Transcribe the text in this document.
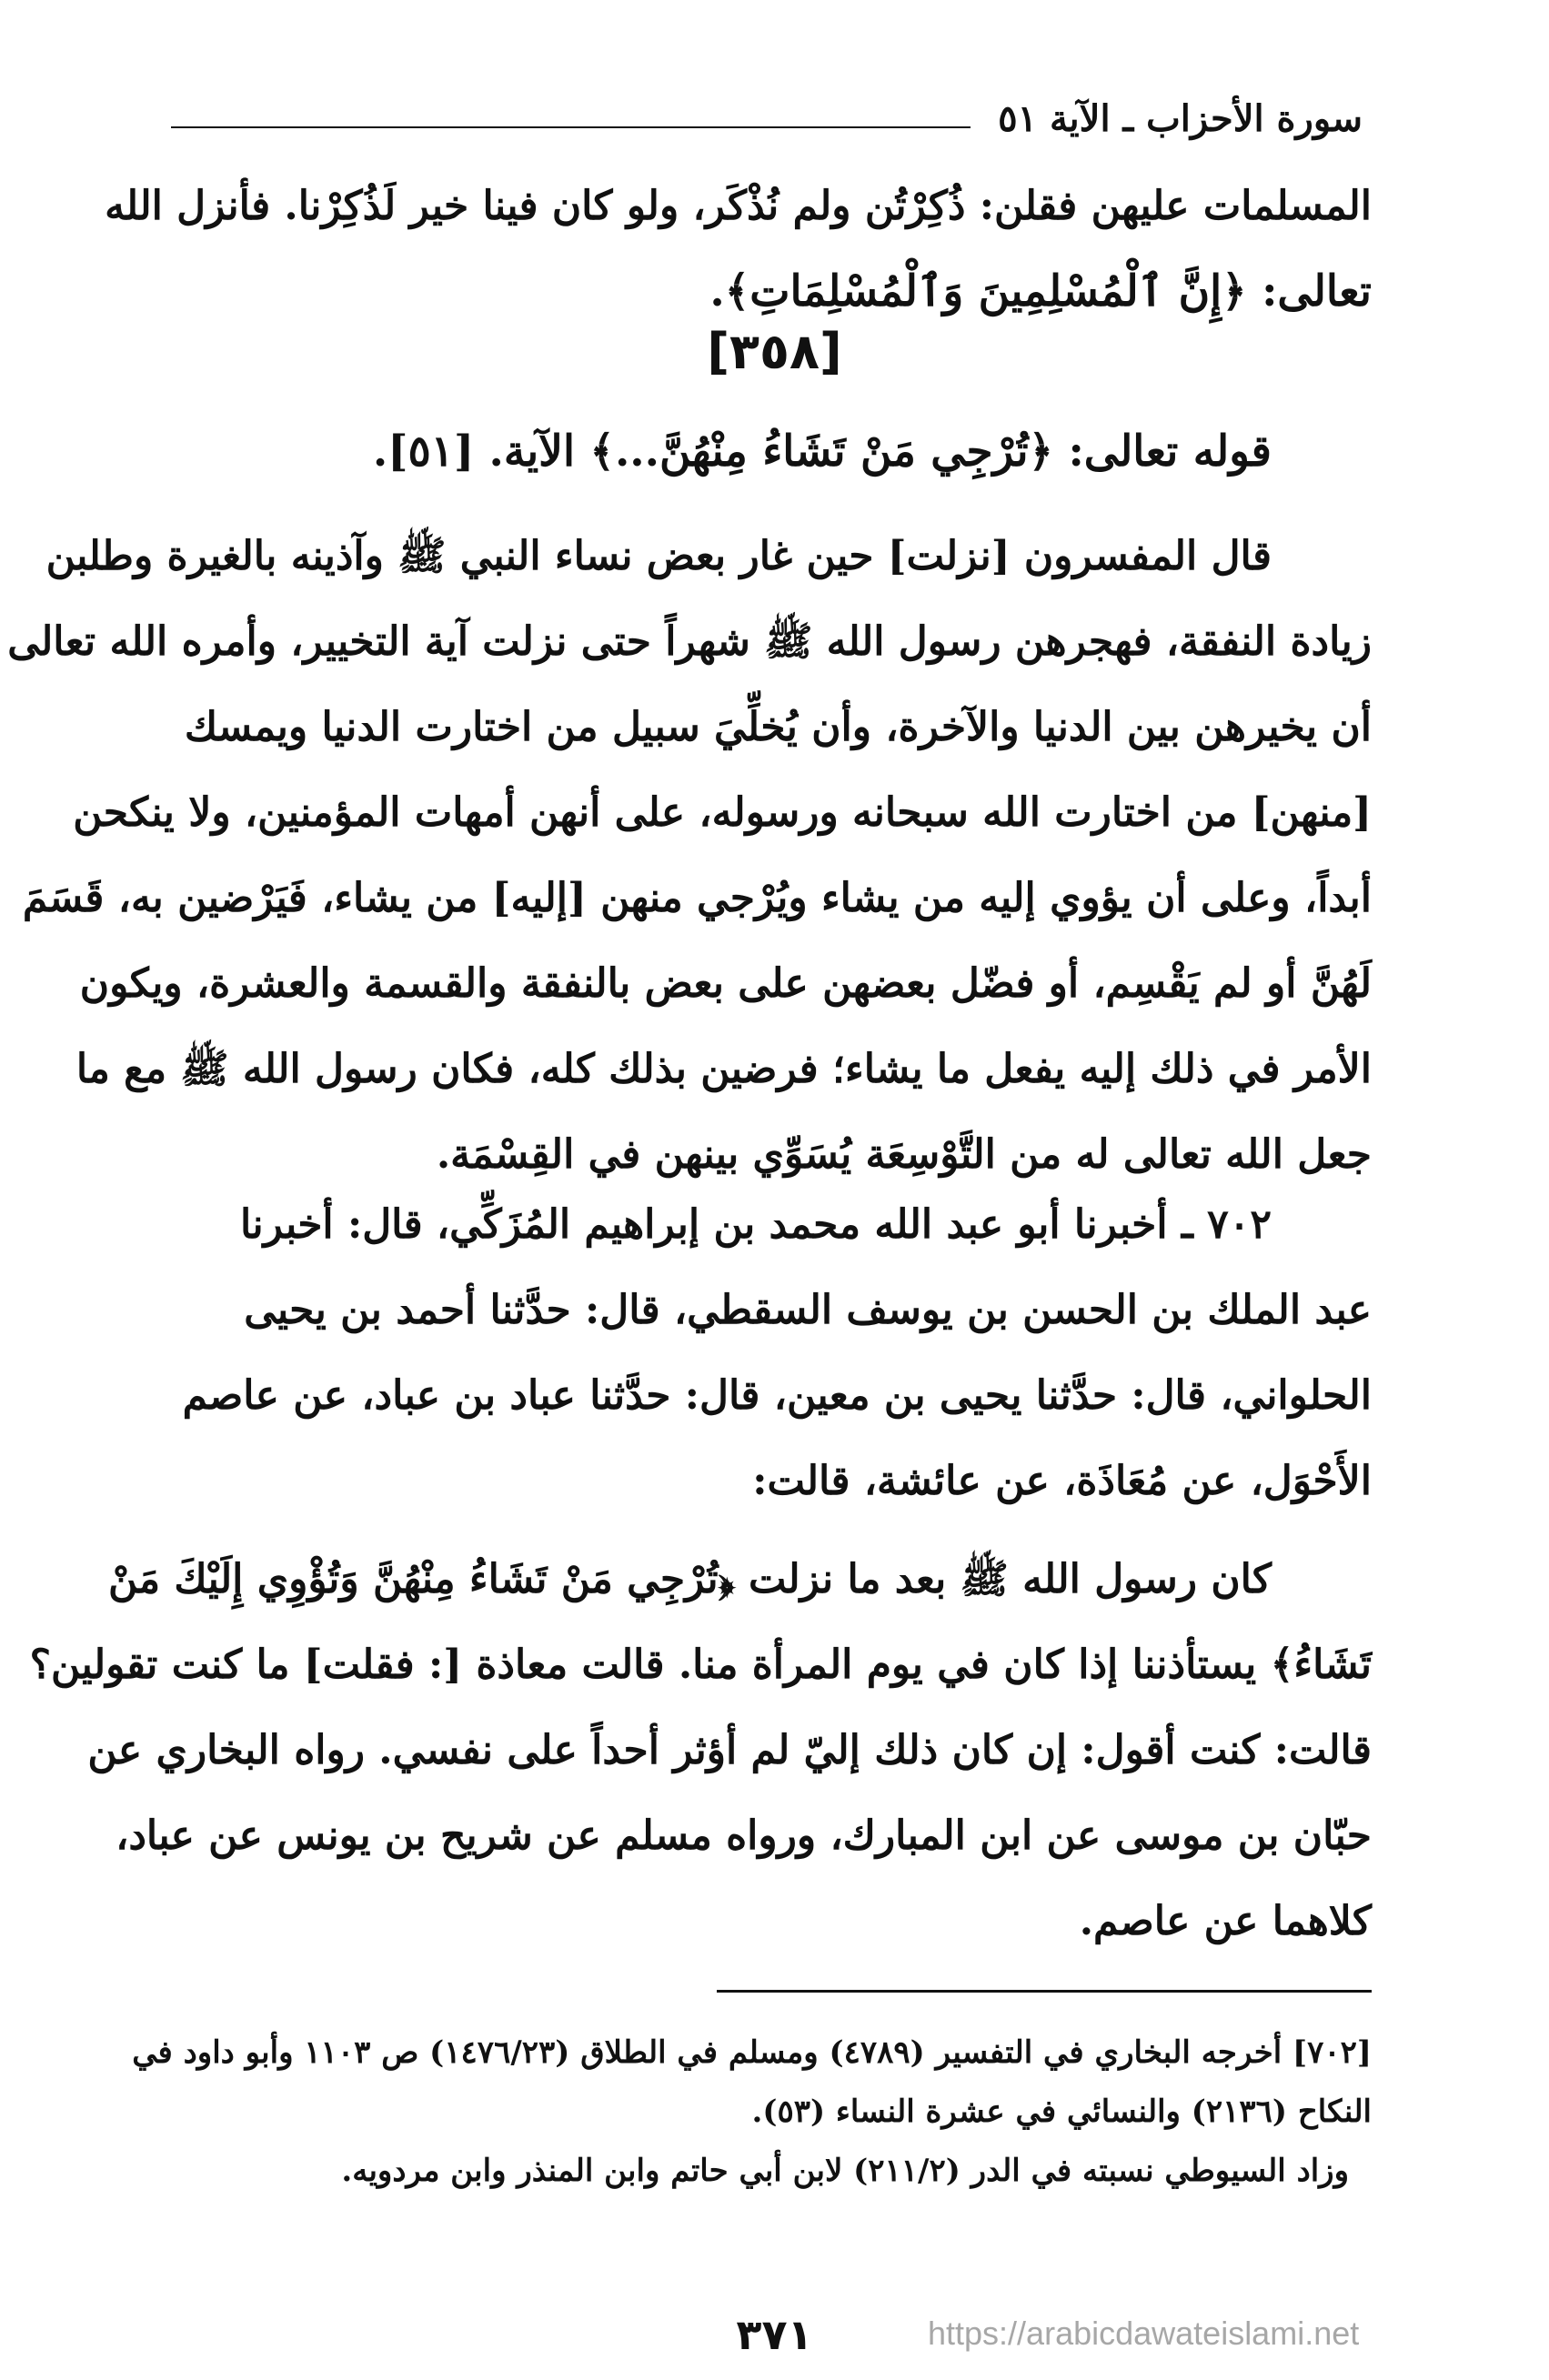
سورة الأحزاب ـ الآية ٥١
المسلمات عليهن فقلن: ذُكِرْتُن ولم نُذْكَر، ولو كان فينا خير لَذُكِرْنا. فأنزل الله
تعالى: ﴿إِنَّ ٱلْمُسْلِمِينَ وَٱلْمُسْلِمَاتِ﴾.
[٣٥٨]
قوله تعالى: ﴿تُرْجِي مَنْ تَشَاءُ مِنْهُنَّ...﴾ الآية. [٥١].
قال المفسرون [نزلت] حين غار بعض نساء النبي ﷺ وآذينه بالغيرة وطلبن
زيادة النفقة، فهجرهن رسول الله ﷺ شهراً حتى نزلت آية التخيير، وأمره الله تعالى
أن يخيرهن بين الدنيا والآخرة، وأن يُخلِّيَ سبيل من اختارت الدنيا ويمسك
[منهن] من اختارت الله سبحانه ورسوله، على أنهن أمهات المؤمنين، ولا ينكحن
أبداً، وعلى أن يؤوي إليه من يشاء ويُرْجي منهن [إليه] من يشاء، فَيَرْضين به، قَسَمَ
لَهُنَّ أو لم يَقْسِم، أو فضّل بعضهن على بعض بالنفقة والقسمة والعشرة، ويكون
الأمر في ذلك إليه يفعل ما يشاء؛ فرضين بذلك كله، فكان رسول الله ﷺ مع ما
جعل الله تعالى له من التَّوْسِعَة يُسَوِّي بينهن في القِسْمَة.
٧٠٢ ـ أخبرنا أبو عبد الله محمد بن إبراهيم المُزَكِّي، قال: أخبرنا
عبد الملك بن الحسن بن يوسف السقطي، قال: حدَّثنا أحمد بن يحيى
الحلواني، قال: حدَّثنا يحيى بن معين، قال: حدَّثنا عباد بن عباد، عن عاصم
الأَحْوَل، عن مُعَاذَة، عن عائشة، قالت:
كان رسول الله ﷺ بعد ما نزلت ﴿تُرْجِي مَنْ تَشَاءُ مِنْهُنَّ وَتُؤْوِي إِلَيْكَ مَنْ
تَشَاءُ﴾ يستأذننا إذا كان في يوم المرأة منا. قالت معاذة [: فقلت] ما كنت تقولين؟
قالت: كنت أقول: إن كان ذلك إليّ لم أؤثر أحداً على نفسي. رواه البخاري عن
حبّان بن موسى عن ابن المبارك، ورواه مسلم عن شريح بن يونس عن عباد،
كلاهما عن عاصم.
[٧٠٢] أخرجه البخاري في التفسير (٤٧٨٩) ومسلم في الطلاق (١٤٧٦/٢٣) ص ١١٠٣ وأبو داود في
النكاح (٢١٣٦) والنسائي في عشرة النساء (٥٣).
وزاد السيوطي نسبته في الدر (٢١١/٢) لابن أبي حاتم وابن المنذر وابن مردويه.
٣٧١	https://arabicdawateislami.net
